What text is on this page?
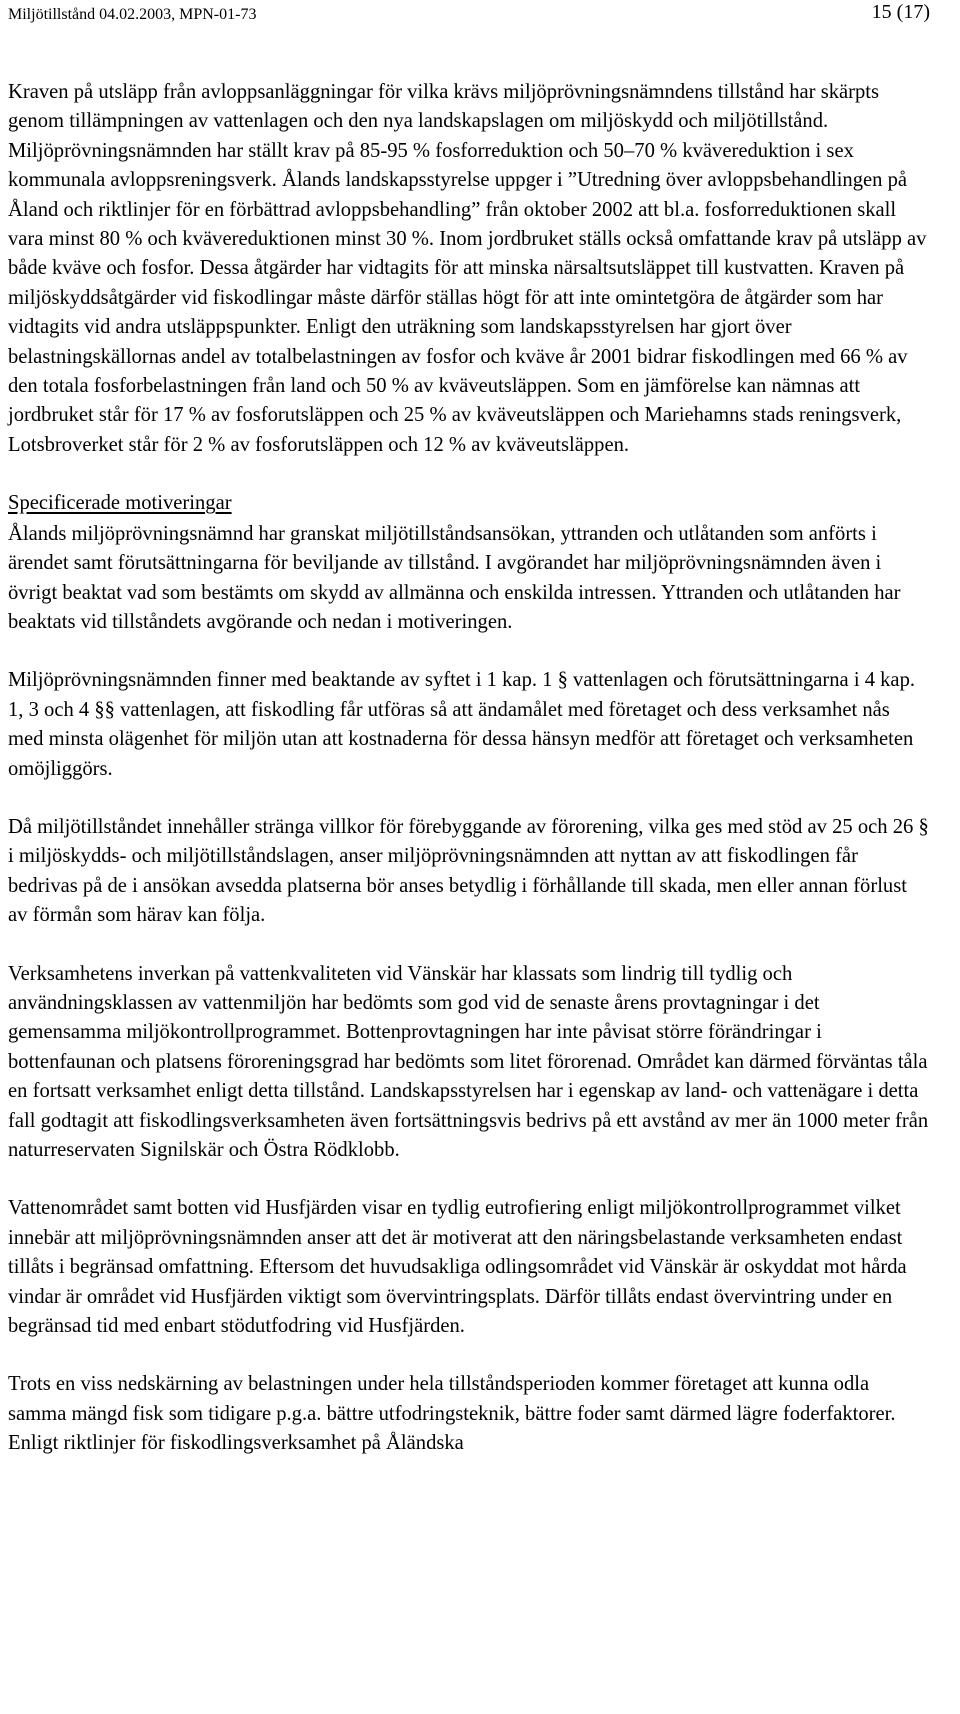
Miljötillstånd 04.02.2003, MPN-01-73	15 (17)

Kraven på utsläpp från avloppsanläggningar för vilka krävs miljöprövningsnämndens tillstånd har skärpts genom tillämpningen av vattenlagen och den nya landskapslagen om miljöskydd och miljötillstånd. Miljöprövningsnämnden har ställt krav på 85-95 % fosforreduktion och 50–70 % kvävereduktion i sex kommunala avloppsreningsverk. Ålands landskapsstyrelse uppger i ”Utredning över avloppsbehandlingen på Åland och riktlinjer för en förbättrad avloppsbehandling” från oktober 2002 att bl.a. fosforreduktionen skall vara minst 80 % och kvävereduktionen minst 30 %. Inom jordbruket ställs också omfattande krav på utsläpp av både kväve och fosfor. Dessa åtgärder har vidtagits för att minska närsaltsutsläppet till kustvatten. Kraven på miljöskyddsåtgärder vid fiskodlingar måste därför ställas högt för att inte omintetgöra de åtgärder som har vidtagits vid andra utsläppspunkter. Enligt den uträkning som landskapsstyrelsen har gjort över belastningskällornas andel av totalbelastningen av fosfor och kväve år 2001 bidrar fiskodlingen med 66 % av den totala fosforbelastningen från land och 50 % av kväveutsläppen. Som en jämförelse kan nämnas att jordbruket står för 17 % av fosforutsläppen och 25 % av kväveutsläppen och Mariehamns stads reningsverk, Lotsbroverket står för 2 % av fosforutsläppen och 12 % av kväveutsläppen.

Specificerade motiveringar

Ålands miljöprövningsnämnd har granskat miljötillståndsansökan, yttranden och utlåtanden som anförts i ärendet samt förutsättningarna för beviljande av tillstånd. I avgörandet har miljöprövningsnämnden även i övrigt beaktat vad som bestämts om skydd av allmänna och enskilda intressen. Yttranden och utlåtanden har beaktats vid tillståndets avgörande och nedan i motiveringen.

Miljöprövningsnämnden finner med beaktande av syftet i 1 kap. 1 § vattenlagen och förutsättningarna i 4 kap. 1, 3 och 4 §§ vattenlagen, att fiskodling får utföras så att ändamålet med företaget och dess verksamhet nås med minsta olägenhet för miljön utan att kostnaderna för dessa hänsyn medför att företaget och verksamheten omöjliggörs.

Då miljötillståndet innehåller stränga villkor för förebyggande av förorening, vilka ges med stöd av 25 och 26 § i miljöskydds- och miljötillståndslagen, anser miljöprövningsnämnden att nyttan av att fiskodlingen får bedrivas på de i ansökan avsedda platserna bör anses betydlig i förhållande till skada, men eller annan förlust av förmån som härav kan följa.

Verksamhetens inverkan på vattenkvaliteten vid Vänskär har klassats som lindrig till tydlig och användningsklassen av vattenmiljön har bedömts som god vid de senaste årens provtagningar i det gemensamma miljökontrollprogrammet. Bottenprovtagningen har inte påvisat större förändringar i bottenfaunan och platsens föroreningsgrad har bedömts som litet förorenad. Området kan därmed förväntas tåla en fortsatt verksamhet enligt detta tillstånd. Landskapsstyrelsen har i egenskap av land- och vattenägare i detta fall godtagit att fiskodlingsverksamheten även fortsättningsvis bedrivs på ett avstånd av mer än 1000 meter från naturreservaten Signilskär och Östra Rödklobb.

Vattenområdet samt botten vid Husfjärden visar en tydlig eutrofiering enligt miljökontrollprogrammet vilket innebär att miljöprövningsnämnden anser att det är motiverat att den näringsbelastande verksamheten endast tillåts i begränsad omfattning. Eftersom det huvudsakliga odlingsområdet vid Vänskär är oskyddat mot hårda vindar är området vid Husfjärden viktigt som övervintringsplats. Därför tillåts endast övervintring under en begränsad tid med enbart stödutfodring vid Husfjärden.

Trots en viss nedskärning av belastningen under hela tillståndsperioden kommer företaget att kunna odla samma mängd fisk som tidigare p.g.a. bättre utfodringsteknik, bättre foder samt därmed lägre foderfaktorer. Enligt riktlinjer för fiskodlingsverksamhet på Åländska
